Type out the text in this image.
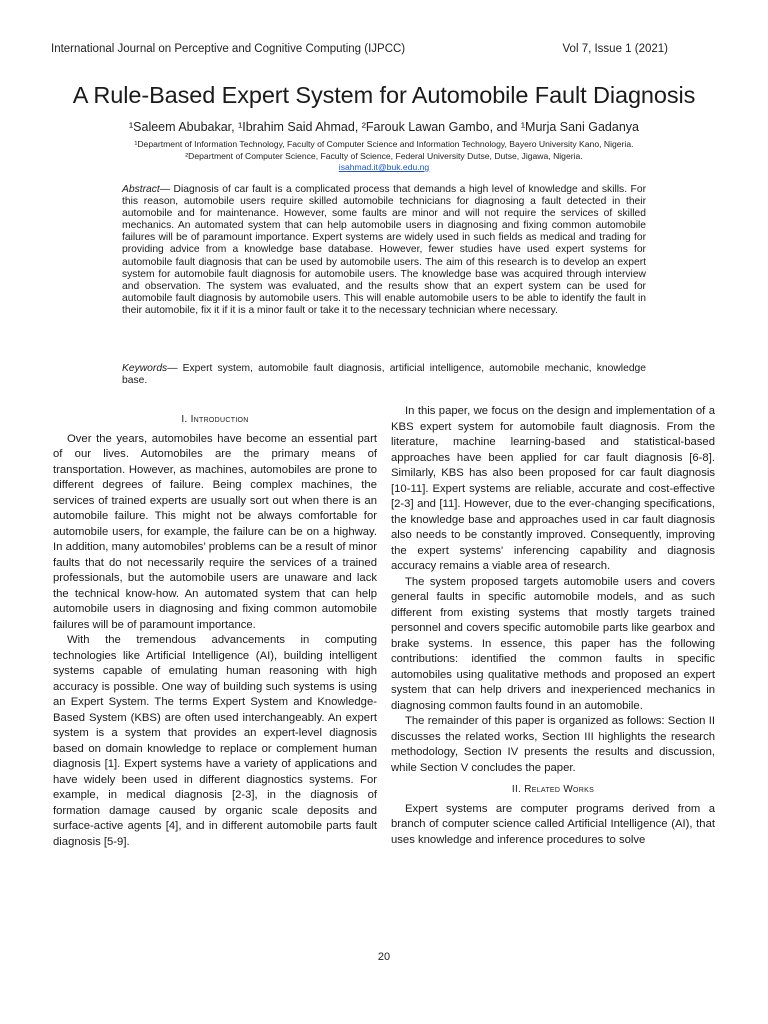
International Journal on Perceptive and Cognitive Computing (IJPCC)	Vol 7, Issue 1 (2021)
A Rule-Based Expert System for Automobile Fault Diagnosis
¹Saleem Abubakar, ¹Ibrahim Said Ahmad, ²Farouk Lawan Gambo, and ¹Murja Sani Gadanya
¹Department of Information Technology, Faculty of Computer Science and Information Technology, Bayero University Kano, Nigeria.
²Department of Computer Science, Faculty of Science, Federal University Dutse, Dutse, Jigawa, Nigeria.
isahmad.it@buk.edu.ng
Abstract— Diagnosis of car fault is a complicated process that demands a high level of knowledge and skills. For this reason, automobile users require skilled automobile technicians for diagnosing a fault detected in their automobile and for maintenance. However, some faults are minor and will not require the services of skilled mechanics. An automated system that can help automobile users in diagnosing and fixing common automobile failures will be of paramount importance. Expert systems are widely used in such fields as medical and trading for providing advice from a knowledge base database. However, fewer studies have used expert systems for automobile fault diagnosis that can be used by automobile users. The aim of this research is to develop an expert system for automobile fault diagnosis for automobile users. The knowledge base was acquired through interview and observation. The system was evaluated, and the results show that an expert system can be used for automobile fault diagnosis by automobile users. This will enable automobile users to be able to identify the fault in their automobile, fix it if it is a minor fault or take it to the necessary technician where necessary.
Keywords— Expert system, automobile fault diagnosis, artificial intelligence, automobile mechanic, knowledge base.
I. Introduction

Over the years, automobiles have become an essential part of our lives. Automobiles are the primary means of transportation. However, as machines, automobiles are prone to different degrees of failure. Being complex machines, the services of trained experts are usually sort out when there is an automobile failure. This might not be always comfortable for automobile users, for example, the failure can be on a highway. In addition, many automobiles’ problems can be a result of minor faults that do not necessarily require the services of a trained professionals, but the automobile users are unaware and lack the technical know-how. An automated system that can help automobile users in diagnosing and fixing common automobile failures will be of paramount importance.

With the tremendous advancements in computing technologies like Artificial Intelligence (AI), building intelligent systems capable of emulating human reasoning with high accuracy is possible. One way of building such systems is using an Expert System. The terms Expert System and Knowledge-Based System (KBS) are often used interchangeably. An expert system is a system that provides an expert-level diagnosis based on domain knowledge to replace or complement human diagnosis [1]. Expert systems have a variety of applications and have widely been used in different diagnostics systems. For example, in medical diagnosis [2-3], in the diagnosis of formation damage caused by organic scale deposits and surface-active agents [4], and in different automobile parts fault diagnosis [5-9].

In this paper, we focus on the design and implementation of a KBS expert system for automobile fault diagnosis. From the literature, machine learning-based and statistical-based approaches have been applied for car fault diagnosis [6-8]. Similarly, KBS has also been proposed for car fault diagnosis [10-11]. Expert systems are reliable, accurate and cost-effective [2-3] and [11]. However, due to the ever-changing specifications, the knowledge base and approaches used in car fault diagnosis also needs to be constantly improved. Consequently, improving the expert systems' inferencing capability and diagnosis accuracy remains a viable area of research.

The system proposed targets automobile users and covers general faults in specific automobile models, and as such different from existing systems that mostly targets trained personnel and covers specific automobile parts like gearbox and brake systems. In essence, this paper has the following contributions: identified the common faults in specific automobiles using qualitative methods and proposed an expert system that can help drivers and inexperienced mechanics in diagnosing common faults found in an automobile.

The remainder of this paper is organized as follows: Section II discusses the related works, Section III highlights the research methodology, Section IV presents the results and discussion, while Section V concludes the paper.

II. Related Works

Expert systems are computer programs derived from a branch of computer science called Artificial Intelligence (AI), that uses knowledge and inference procedures to solve

20
